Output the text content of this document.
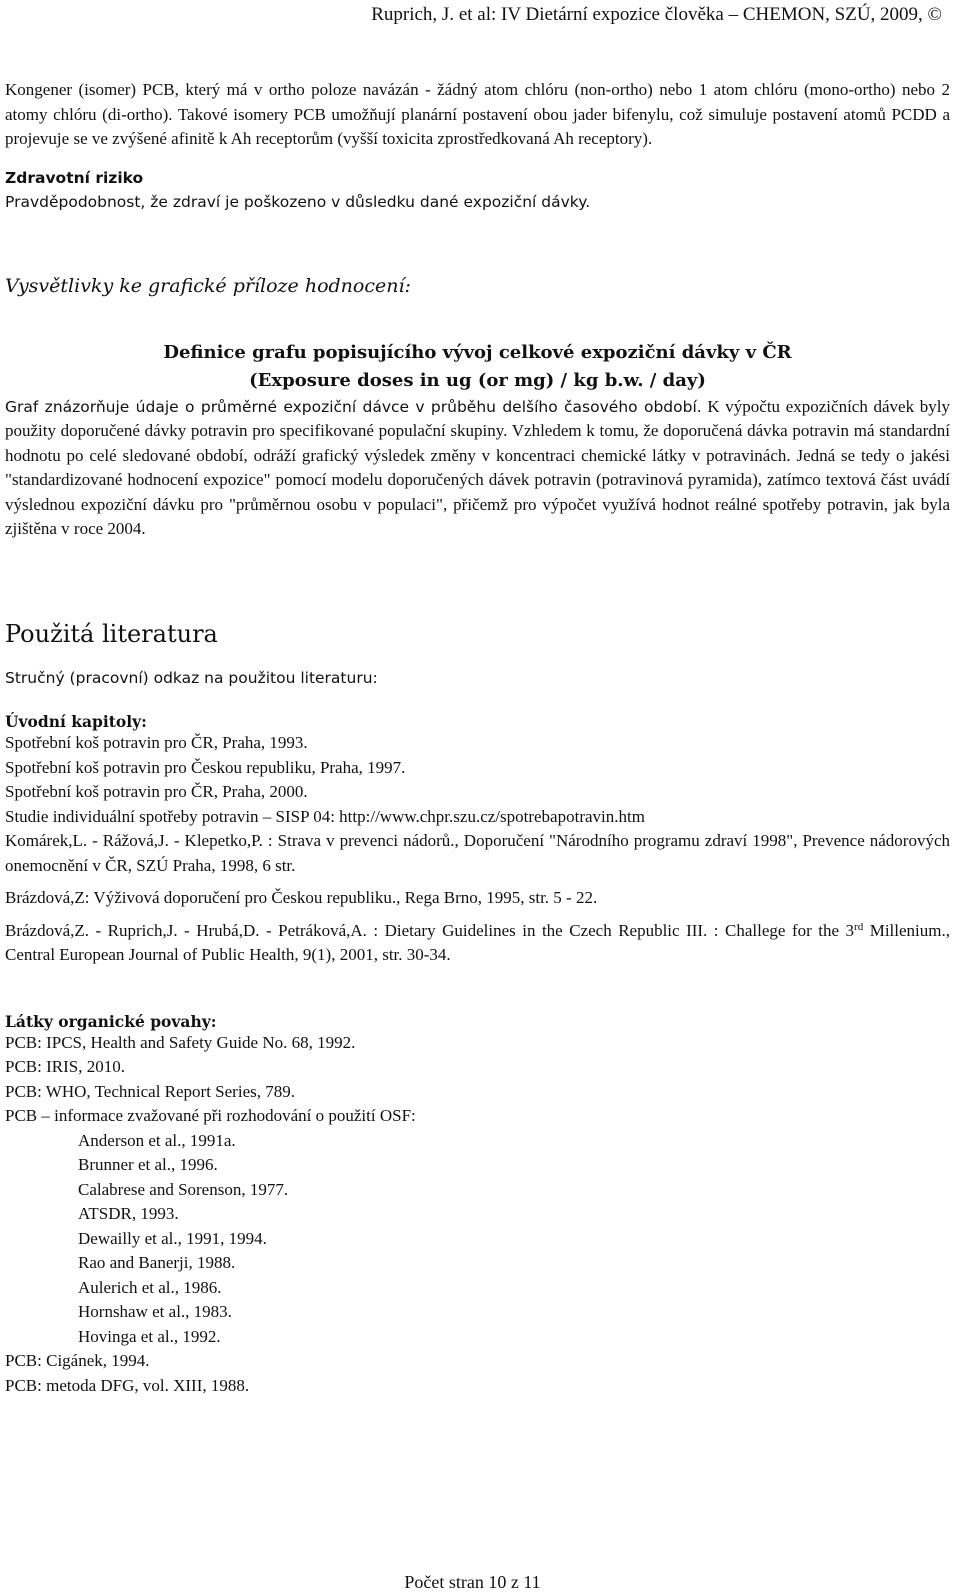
Ruprich, J. et al: IV Dietární expozice člověka – CHEMON, SZÚ, 2009, ©

Kongener (isomer) PCB, který má v ortho poloze navázán - žádný atom chlóru (non-ortho) nebo 1 atom chlóru (mono-ortho) nebo 2 atomy chlóru (di-ortho). Takové isomery PCB umožňují planární postavení obou jader bifenylu, což simuluje postavení atomů PCDD a projevuje se ve zvýšené afinitě k Ah receptorům (vyšší toxicita zprostředkovaná Ah receptory).

Zdravotní riziko

Pravděpodobnost, že zdraví je poškozeno v důsledku dané expoziční dávky.

Vysvětlivky ke grafické příloze hodnocení:

Definice grafu popisujícího vývoj celkové expoziční dávky v ČR

(Exposure doses in ug (or mg) / kg b.w. / day)

Graf znázorňuje údaje o průměrné expoziční dávce v průběhu delšího časového období. K výpočtu expozičních dávek byly použity doporučené dávky potravin pro specifikované populační skupiny. Vzhledem k tomu, že doporučená dávka potravin má standardní hodnotu po celé sledované období, odráží grafický výsledek změny v koncentraci chemické látky v potravinách. Jedná se tedy o jakési "standardizované hodnocení expozice" pomocí modelu doporučených dávek potravin (potravinová pyramida), zatímco textová část uvádí výslednou expoziční dávku pro "průměrnou osobu v populaci", přičemž pro výpočet využívá hodnot reálné spotřeby potravin, jak byla zjištěna v roce 2004.

Použitá literatura

Stručný (pracovní) odkaz na použitou literaturu:

Úvodní kapitoly:

Spotřební koš potravin pro ČR, Praha, 1993.

Spotřební koš potravin pro Českou republiku, Praha, 1997.

Spotřební koš potravin pro ČR, Praha, 2000.

Studie individuální spotřeby potravin – SISP 04: http://www.chpr.szu.cz/spotrebapotravin.htm

Komárek,L. - Rážová,J. - Klepetko,P. : Strava v prevenci nádorů., Doporučení "Národního programu zdraví 1998", Prevence nádorových onemocnění v ČR, SZÚ Praha, 1998, 6 str.

Brázdová,Z: Výživová doporučení pro Českou republiku., Rega Brno, 1995, str. 5 - 22.

Brázdová,Z. - Ruprich,J. - Hrubá,D. - Petráková,A. : Dietary Guidelines in the Czech Republic III. : Challege for the 3rd Millenium., Central European Journal of Public Health, 9(1), 2001, str. 30-34.

Látky organické povahy:

PCB: IPCS, Health and Safety Guide No. 68, 1992.

PCB: IRIS, 2010.

PCB: WHO, Technical Report Series, 789.

PCB – informace zvažované při rozhodování o použití OSF:

Anderson et al., 1991a.

Brunner et al., 1996.

Calabrese and Sorenson, 1977.

ATSDR, 1993.

Dewailly et al., 1991, 1994.

Rao and Banerji, 1988.

Aulerich et al., 1986.

Hornshaw et al., 1983.

Hovinga et al., 1992.

PCB: Cigánek, 1994.

PCB: metoda DFG, vol. XIII, 1988.

Počet stran 10 z 11
